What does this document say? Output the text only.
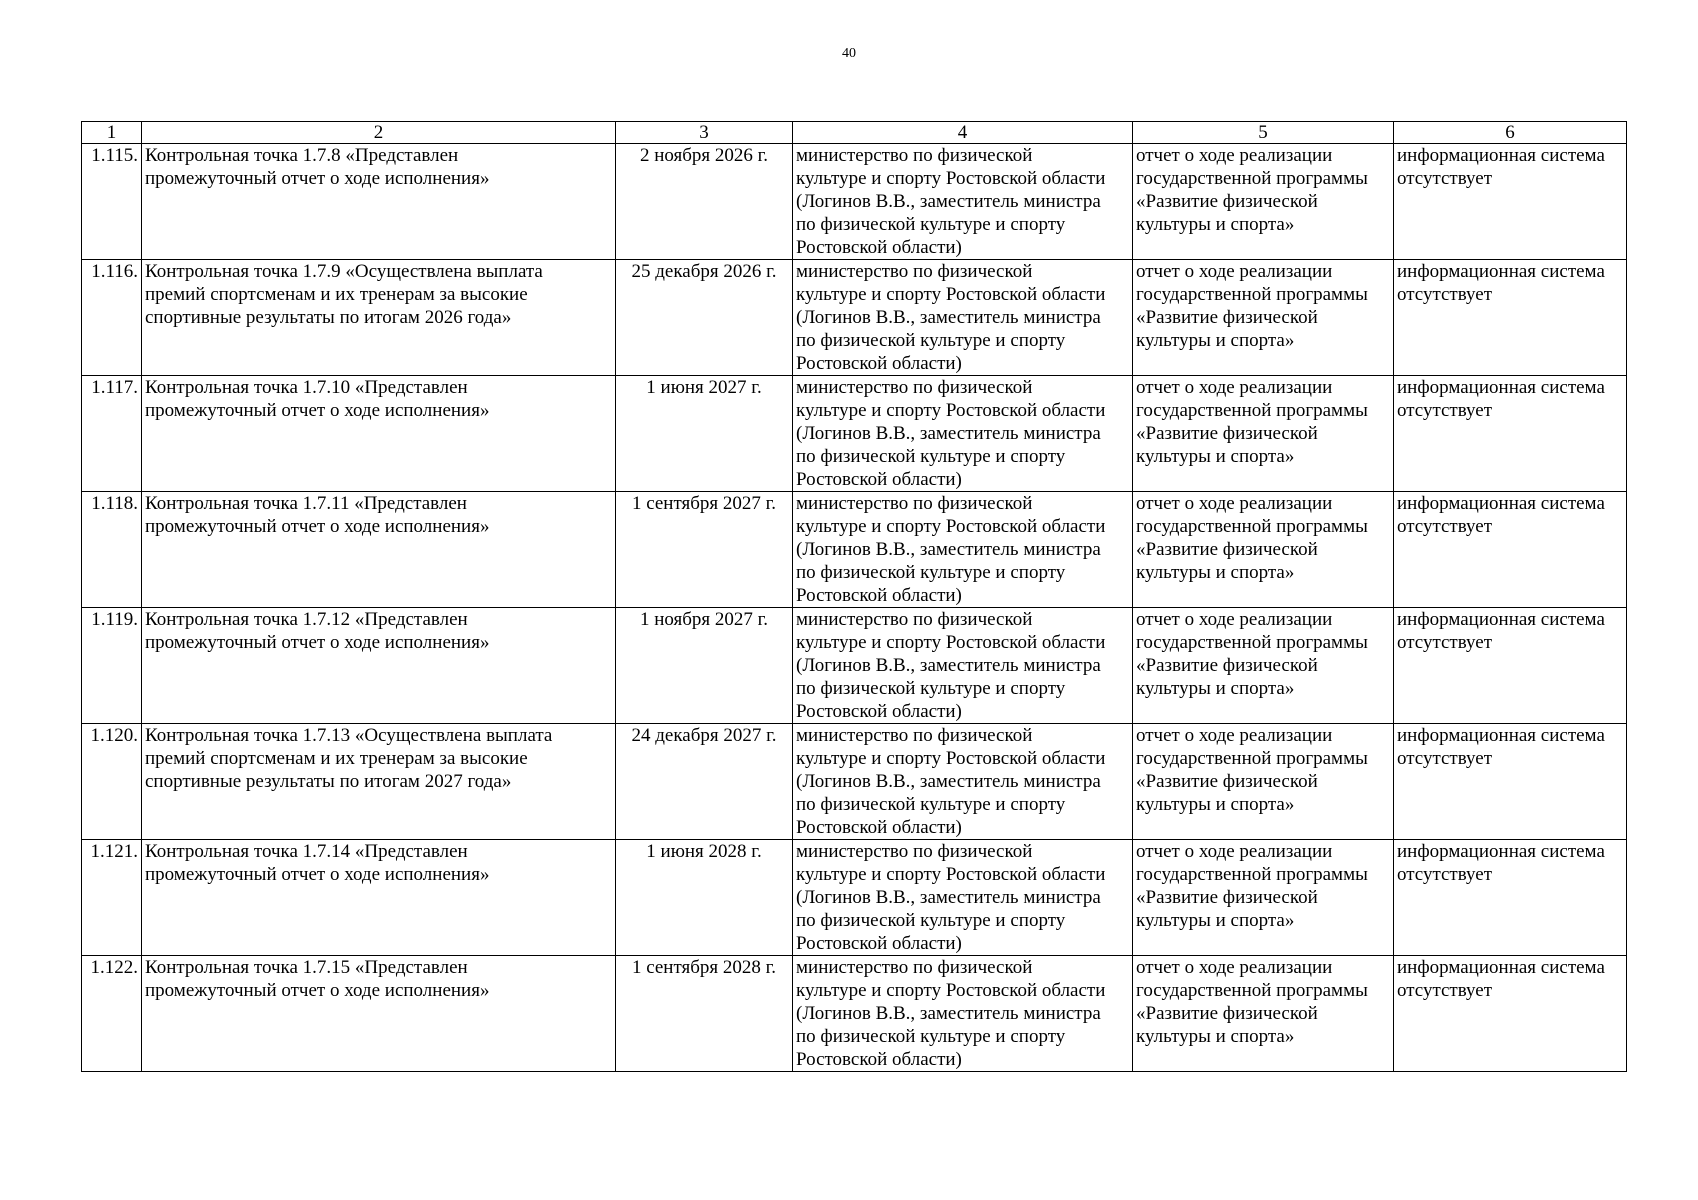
40
1	2	3	4	5	6
1.115.	Контрольная точка 1.7.8 «Представлен
промежуточный отчет о ходе исполнения»	2 ноября 2026 г.	министерство по физической
культуре и спорту Ростовской области
(Логинов В.В., заместитель министра
по физической культуре и спорту
Ростовской области)	отчет о ходе реализации
государственной программы
«Развитие физической
культуры и спорта»	информационная система
отсутствует
1.116.	Контрольная точка 1.7.9 «Осуществлена выплата
премий спортсменам и их тренерам за высокие
спортивные результаты по итогам 2026 года»	25 декабря 2026 г.	министерство по физической
культуре и спорту Ростовской области
(Логинов В.В., заместитель министра
по физической культуре и спорту
Ростовской области)	отчет о ходе реализации
государственной программы
«Развитие физической
культуры и спорта»	информационная система
отсутствует
1.117.	Контрольная точка 1.7.10 «Представлен
промежуточный отчет о ходе исполнения»	1 июня 2027 г.	министерство по физической
культуре и спорту Ростовской области
(Логинов В.В., заместитель министра
по физической культуре и спорту
Ростовской области)	отчет о ходе реализации
государственной программы
«Развитие физической
культуры и спорта»	информационная система
отсутствует
1.118.	Контрольная точка 1.7.11 «Представлен
промежуточный отчет о ходе исполнения»	1 сентября 2027 г.	министерство по физической
культуре и спорту Ростовской области
(Логинов В.В., заместитель министра
по физической культуре и спорту
Ростовской области)	отчет о ходе реализации
государственной программы
«Развитие физической
культуры и спорта»	информационная система
отсутствует
1.119.	Контрольная точка 1.7.12 «Представлен
промежуточный отчет о ходе исполнения»	1 ноября 2027 г.	министерство по физической
культуре и спорту Ростовской области
(Логинов В.В., заместитель министра
по физической культуре и спорту
Ростовской области)	отчет о ходе реализации
государственной программы
«Развитие физической
культуры и спорта»	информационная система
отсутствует
1.120.	Контрольная точка 1.7.13 «Осуществлена выплата
премий спортсменам и их тренерам за высокие
спортивные результаты по итогам 2027 года»	24 декабря 2027 г.	министерство по физической
культуре и спорту Ростовской области
(Логинов В.В., заместитель министра
по физической культуре и спорту
Ростовской области)	отчет о ходе реализации
государственной программы
«Развитие физической
культуры и спорта»	информационная система
отсутствует
1.121.	Контрольная точка 1.7.14 «Представлен
промежуточный отчет о ходе исполнения»	1 июня 2028 г.	министерство по физической
культуре и спорту Ростовской области
(Логинов В.В., заместитель министра
по физической культуре и спорту
Ростовской области)	отчет о ходе реализации
государственной программы
«Развитие физической
культуры и спорта»	информационная система
отсутствует
1.122.	Контрольная точка 1.7.15 «Представлен
промежуточный отчет о ходе исполнения»	1 сентября 2028 г.	министерство по физической
культуре и спорту Ростовской области
(Логинов В.В., заместитель министра
по физической культуре и спорту
Ростовской области)	отчет о ходе реализации
государственной программы
«Развитие физической
культуры и спорта»	информационная система
отсутствует
